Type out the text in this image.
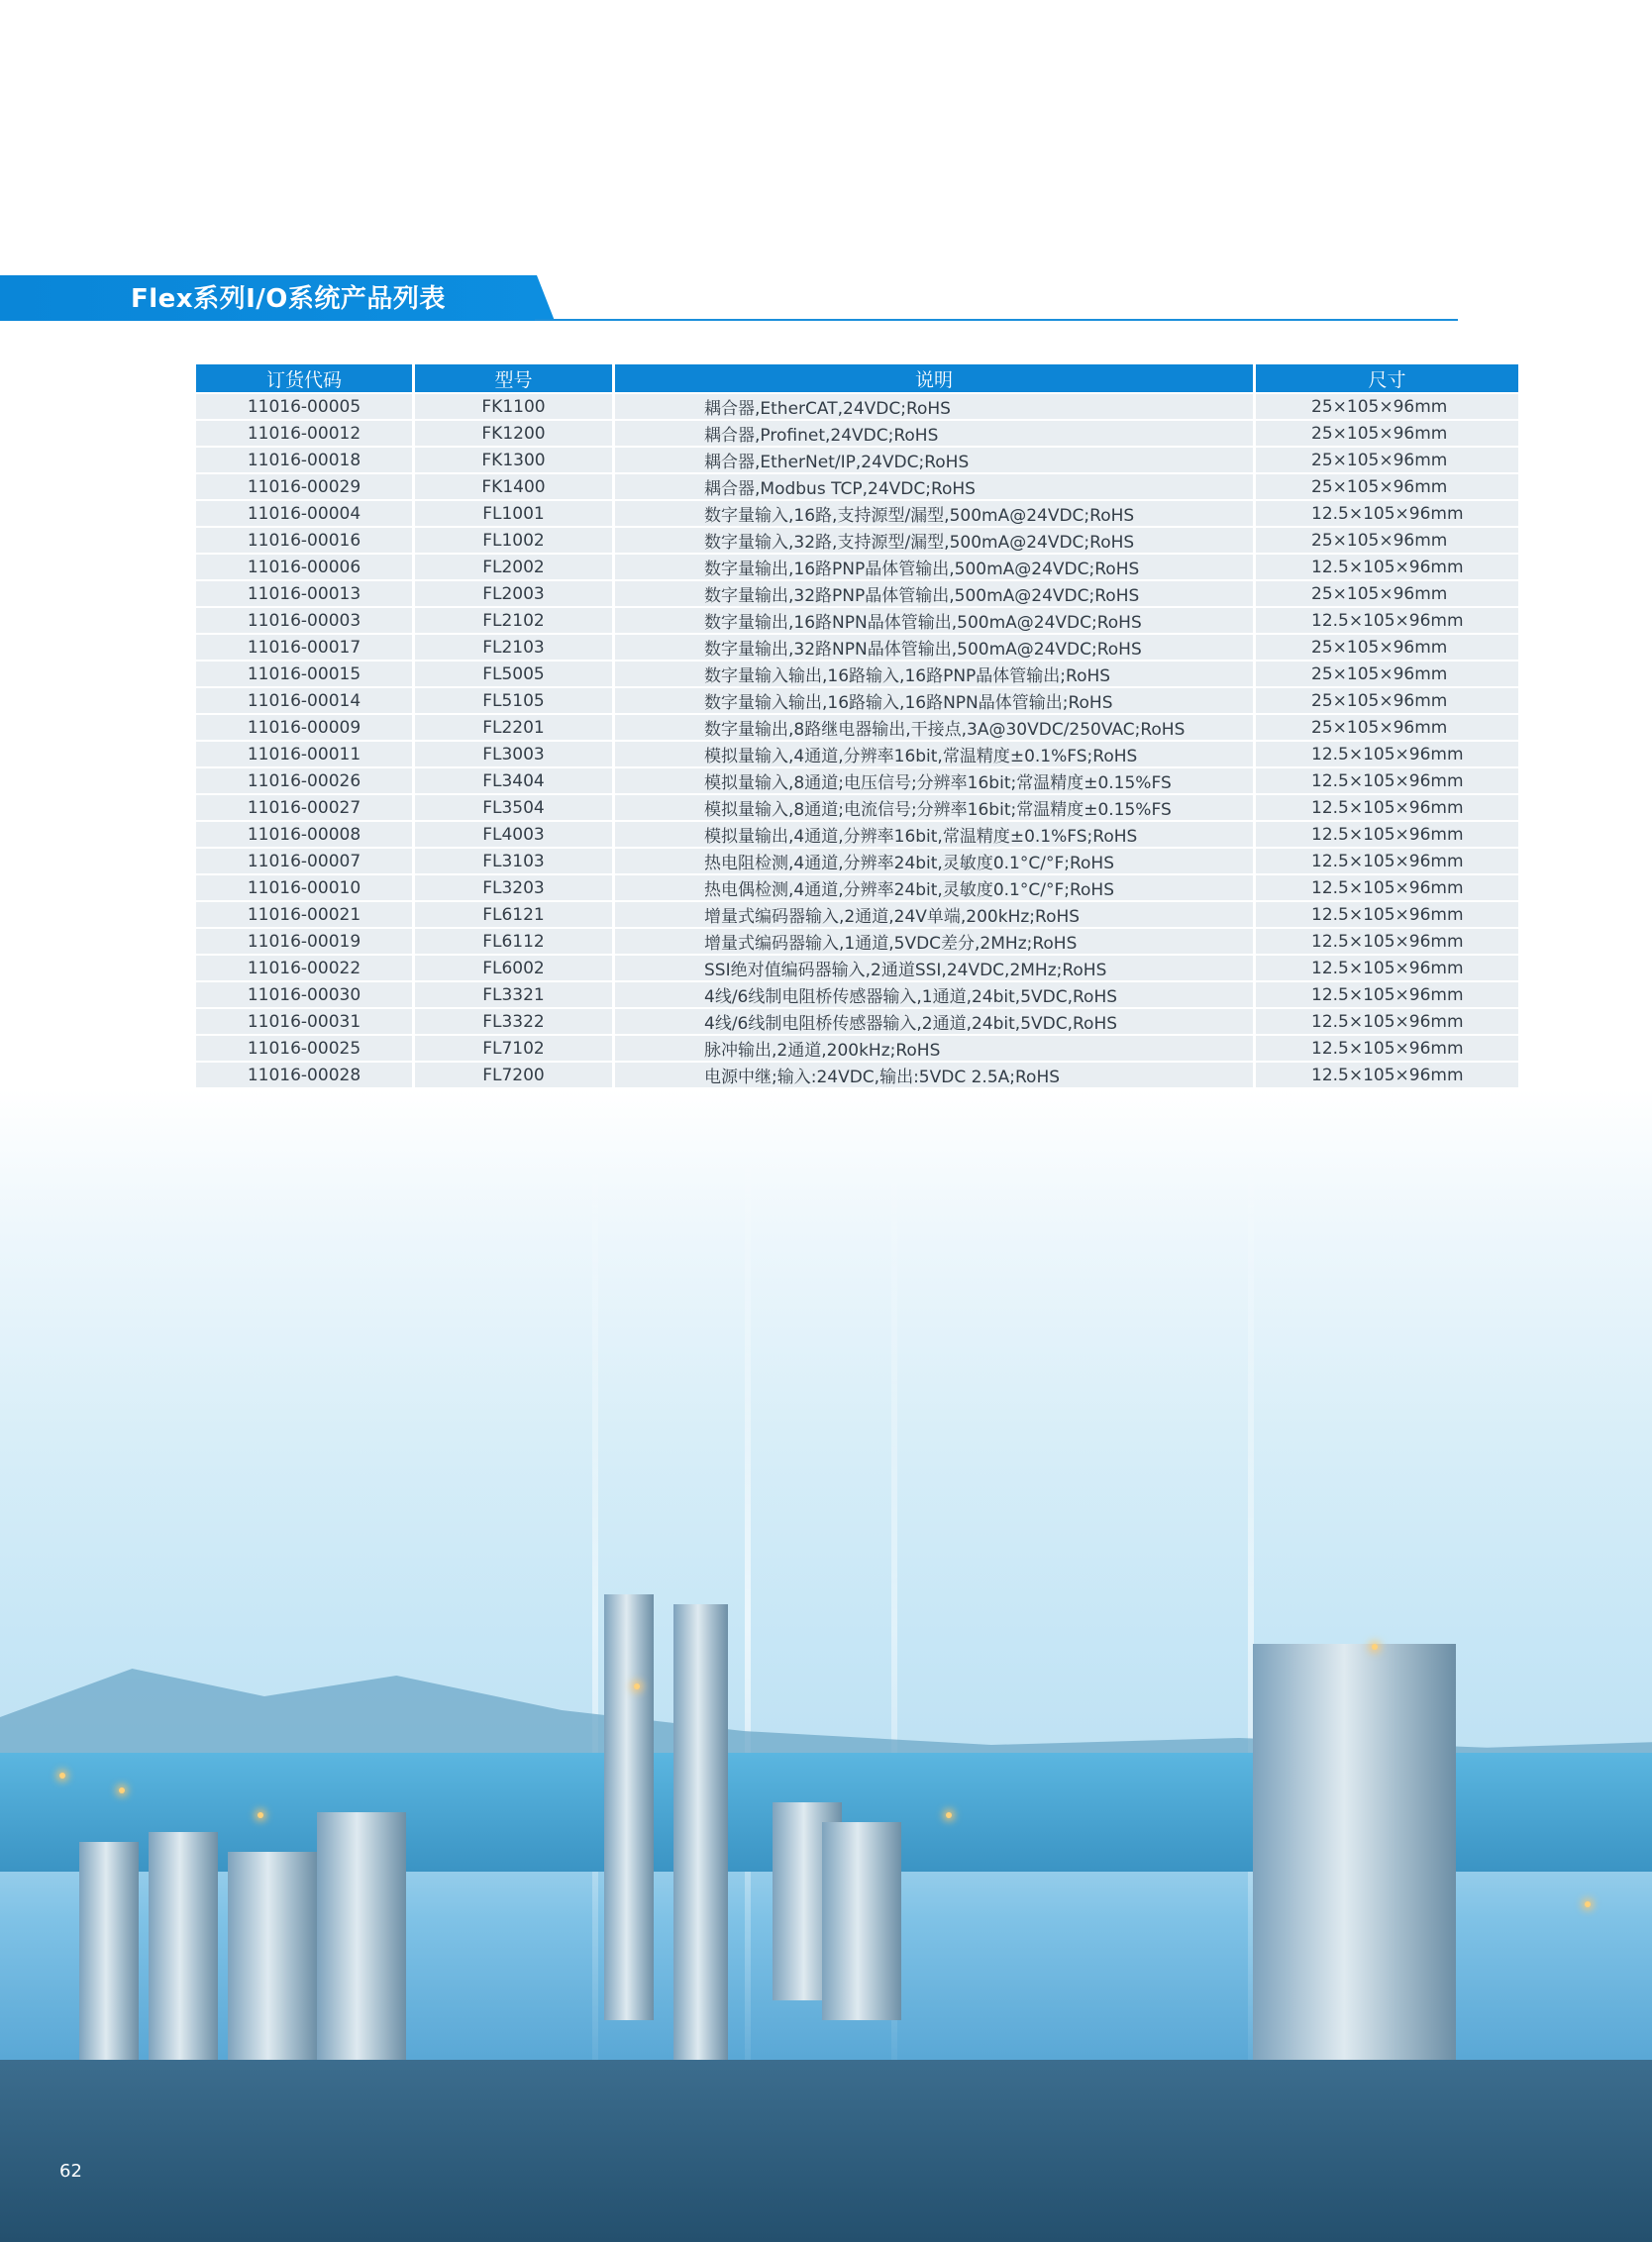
Flex系列I/O系统产品列表
订货代码	型号	说明	尺寸
11016-00005	FK1100	耦合器,EtherCAT,24VDC;RoHS	25×105×96mm
11016-00012	FK1200	耦合器,Profinet,24VDC;RoHS	25×105×96mm
11016-00018	FK1300	耦合器,EtherNet/IP,24VDC;RoHS	25×105×96mm
11016-00029	FK1400	耦合器,Modbus TCP,24VDC;RoHS	25×105×96mm
11016-00004	FL1001	数字量输入,16路,支持源型/漏型,500mA@24VDC;RoHS	12.5×105×96mm
11016-00016	FL1002	数字量输入,32路,支持源型/漏型,500mA@24VDC;RoHS	25×105×96mm
11016-00006	FL2002	数字量输出,16路PNP晶体管输出,500mA@24VDC;RoHS	12.5×105×96mm
11016-00013	FL2003	数字量输出,32路PNP晶体管输出,500mA@24VDC;RoHS	25×105×96mm
11016-00003	FL2102	数字量输出,16路NPN晶体管输出,500mA@24VDC;RoHS	12.5×105×96mm
11016-00017	FL2103	数字量输出,32路NPN晶体管输出,500mA@24VDC;RoHS	25×105×96mm
11016-00015	FL5005	数字量输入输出,16路输入,16路PNP晶体管输出;RoHS	25×105×96mm
11016-00014	FL5105	数字量输入输出,16路输入,16路NPN晶体管输出;RoHS	25×105×96mm
11016-00009	FL2201	数字量输出,8路继电器输出,干接点,3A@30VDC/250VAC;RoHS	25×105×96mm
11016-00011	FL3003	模拟量输入,4通道,分辨率16bit,常温精度±0.1%FS;RoHS	12.5×105×96mm
11016-00026	FL3404	模拟量输入,8通道;电压信号;分辨率16bit;常温精度±0.15%FS	12.5×105×96mm
11016-00027	FL3504	模拟量输入,8通道;电流信号;分辨率16bit;常温精度±0.15%FS	12.5×105×96mm
11016-00008	FL4003	模拟量输出,4通道,分辨率16bit,常温精度±0.1%FS;RoHS	12.5×105×96mm
11016-00007	FL3103	热电阻检测,4通道,分辨率24bit,灵敏度0.1°C/°F;RoHS	12.5×105×96mm
11016-00010	FL3203	热电偶检测,4通道,分辨率24bit,灵敏度0.1°C/°F;RoHS	12.5×105×96mm
11016-00021	FL6121	增量式编码器输入,2通道,24V单端,200kHz;RoHS	12.5×105×96mm
11016-00019	FL6112	增量式编码器输入,1通道,5VDC差分,2MHz;RoHS	12.5×105×96mm
11016-00022	FL6002	SSI绝对值编码器输入,2通道SSI,24VDC,2MHz;RoHS	12.5×105×96mm
11016-00030	FL3321	4线/6线制电阻桥传感器输入,1通道,24bit,5VDC,RoHS	12.5×105×96mm
11016-00031	FL3322	4线/6线制电阻桥传感器输入,2通道,24bit,5VDC,RoHS	12.5×105×96mm
11016-00025	FL7102	脉冲输出,2通道,200kHz;RoHS	12.5×105×96mm
11016-00028	FL7200	电源中继;输入:24VDC,输出:5VDC 2.5A;RoHS	12.5×105×96mm

62
